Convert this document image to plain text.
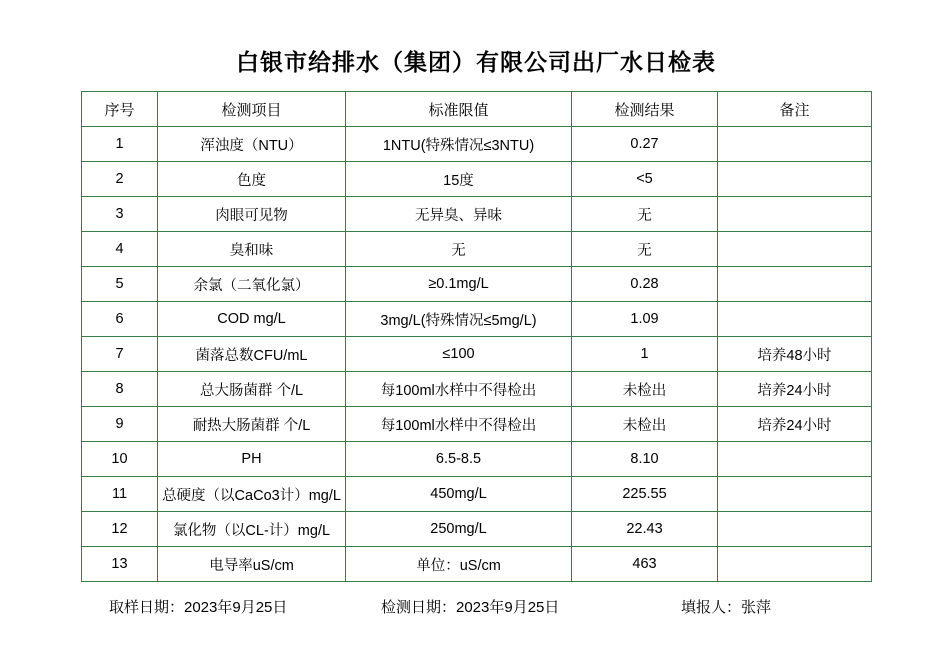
白银市给排水（集团）有限公司出厂水日检表
序号	检测项目	标准限值	检测结果	备注
1	浑浊度（NTU）	1NTU(特殊情况≤3NTU)	0.27	
2	色度	15度	<5	
3	肉眼可见物	无异臭、异味	无	
4	臭和味	无	无	
5	余氯（二氧化氯）	≥0.1mg/L	0.28	
6	COD mg/L	3mg/L(特殊情况≤5mg/L)	1.09	
7	菌落总数CFU/mL	≤100	1	培养48小时
8	总大肠菌群 个/L	每100ml水样中不得检出	未检出	培养24小时
9	耐热大肠菌群 个/L	每100ml水样中不得检出	未检出	培养24小时
10	PH	6.5-8.5	8.10	
11	总硬度（以CaCo3计）mg/L	450mg/L	225.55	
12	氯化物（以CL-计）mg/L	250mg/L	22.43	
13	电导率uS/cm	单位：uS/cm	463	
取样日期：2023年9月25日	检测日期：2023年9月25日	填报人：张萍
